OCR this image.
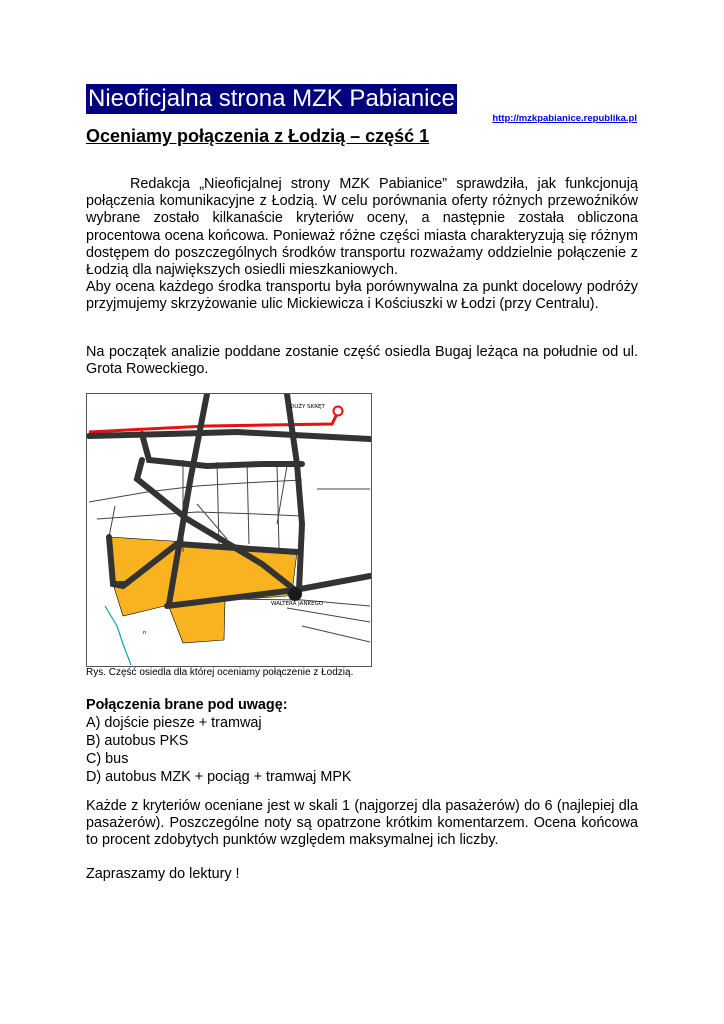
Nieoficjalna strona MZK Pabianice
http://mzkpabianice.republika.pl
Oceniamy połączenia z Łodzią – część 1

Redakcja „Nieoficjalnej strony MZK Pabianice” sprawdziła, jak funkcjonują połączenia komunikacyjne z Łodzią. W celu porównania oferty różnych przewoźników wybrane zostało kilkanaście kryteriów oceny, a następnie została obliczona procentowa ocena końcowa. Ponieważ różne części miasta charakteryzują się różnym dostępem do poszczególnych środków transportu rozważamy oddzielnie połączenie z Łodzią dla największych osiedli mieszkaniowych.

Aby ocena każdego środka transportu była porównywalna za punkt docelowy podróży przyjmujemy skrzyżowanie ulic Mickiewicza i Kościuszki w Łodzi (przy Centralu).

Na początek analizie poddane zostanie część osiedla Bugaj leżąca na południe od ul. Grota Roweckiego.

DUŻY SKRĘT
WALTERA JANKEGO
n
Rys. Część osiedla dla której oceniamy połączenie z Łodzią.
Połączenia brane pod uwagę:
A) dojście piesze + tramwaj
B) autobus PKS
C) bus
D) autobus MZK + pociąg + tramwaj MPK

Każde z kryteriów oceniane jest w skali 1 (najgorzej dla pasażerów) do 6 (najlepiej dla pasażerów). Poszczególne noty są opatrzone krótkim komentarzem. Ocena końcowa to procent zdobytych punktów względem maksymalnej ich liczby.

Zapraszamy do lektury !
